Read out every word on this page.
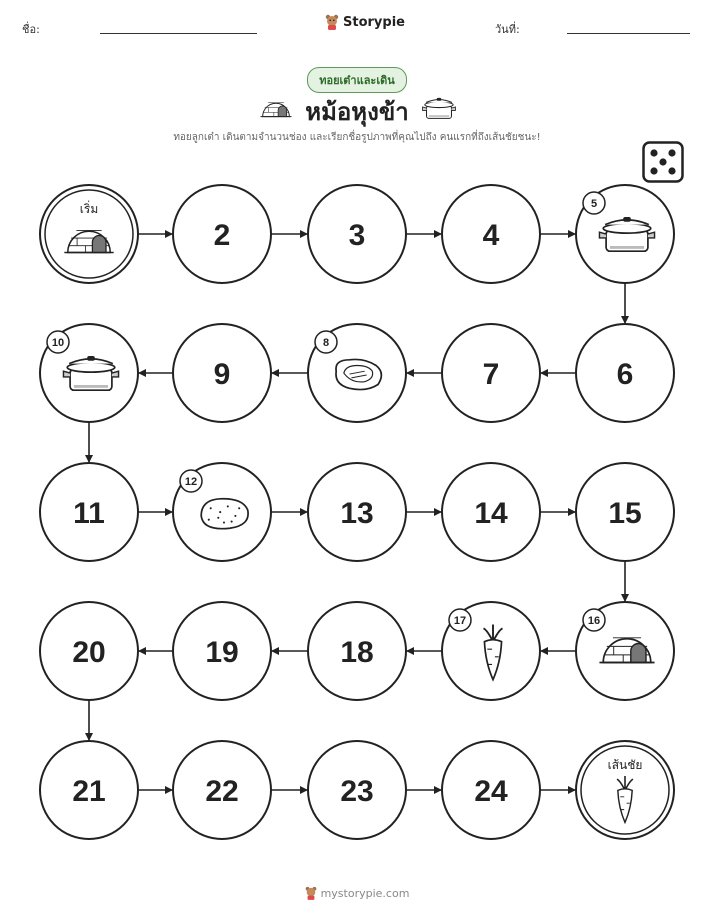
ชื่อ:	Storypie	วันที่:
ทอยเต๋าและเดิน
หม้อหุงข้า
ทอยลูกเต๋า เดินตามจำนวนช่อง และเรียกชื่อรูปภาพที่คุณไปถึง คนแรกที่ถึงเส้นชัยชนะ!
เริ่ม
2	3	4
5
6
7
8
9
10
11
12
13	14	15
16
17
18
19
20
21	22	23	24
เส้นชัย
mystorypie.com
